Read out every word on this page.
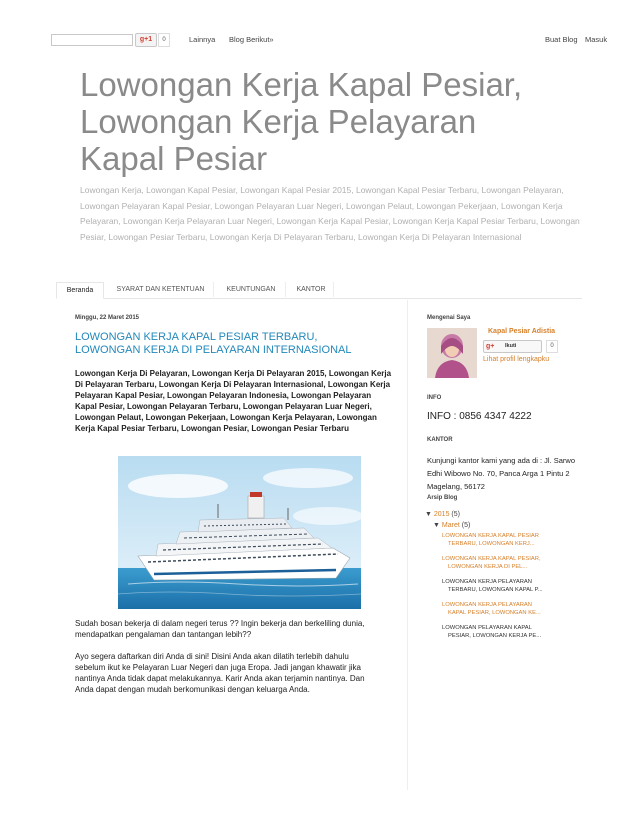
g+1	0	Lainnya Blog Berikut»	Buat Blog Masuk
Lowongan Kerja Kapal Pesiar, Lowongan Kerja Pelayaran Kapal Pesiar
Lowongan Kerja, Lowongan Kapal Pesiar, Lowongan Kapal Pesiar 2015, Lowongan Kapal Pesiar Terbaru, Lowongan Pelayaran, Lowongan Pelayaran Kapal Pesiar, Lowongan Pelayaran Luar Negeri, Lowongan Pelaut, Lowongan Pekerjaan, Lowongan Kerja Pelayaran, Lowongan Kerja Pelayaran Luar Negeri, Lowongan Kerja Kapal Pesiar, Lowongan Kerja Kapal Pesiar Terbaru, Lowongan Pesiar, Lowongan Pesiar Terbaru, Lowongan Kerja Di Pelayaran Terbaru, Lowongan Kerja Di Pelayaran Internasional
Beranda	SYARAT DAN KETENTUAN	KEUNTUNGAN	KANTOR
Minggu, 22 Maret 2015
LOWONGAN KERJA KAPAL PESIAR TERBARU, LOWONGAN KERJA DI PELAYARAN INTERNASIONAL
Lowongan Kerja Di Pelayaran, Lowongan Kerja Di Pelayaran 2015, Lowongan Kerja Di Pelayaran Terbaru, Lowongan Kerja Di Pelayaran Internasional, Lowongan Kerja Pelayaran Kapal Pesiar, Lowongan Pelayaran Indonesia, Lowongan Pelayaran Kapal Pesiar, Lowongan Pelayaran Terbaru, Lowongan Pelayaran Luar Negeri, Lowongan Pelaut, Lowongan Pekerjaan, Lowongan Kerja Pelayaran, Lowongan Kerja Kapal Pesiar Terbaru, Lowongan Pesiar, Lowongan Pesiar Terbaru

Sudah bosan bekerja di dalam negeri terus ?? Ingin bekerja dan berkeliling dunia, mendapatkan pengalaman dan tantangan lebih??

Ayo segera daftarkan diri Anda di sini! Disini Anda akan dilatih terlebih dahulu sebelum ikut ke Pelayaran Luar Negeri dan juga Eropa. Jadi jangan khawatir jika nantinya Anda tidak dapat melakukannya. Karir Anda akan terjamin nantinya. Dan Anda dapat dengan mudah berkomunikasi dengan keluarga Anda.

Mengenai Saya
Kapal Pesiar Adistia
g+ Ikuti	0
Lihat profil lengkapku
INFO
INFO : 0856 4347 4222
KANTOR
Kunjungi kantor kami yang ada di : Jl. Sarwo Edhi Wibowo No. 70, Panca Arga 1 Pintu 2 Magelang, 56172
Arsip Blog
▼ 2015 (5)
▼ Maret (5)
LOWONGAN KERJA KAPAL PESIAR
TERBARU, LOWONGAN KERJ...
LOWONGAN KERJA KAPAL PESIAR,
LOWONGAN KERJA DI PEL...
LOWONGAN KERJA PELAYARAN
TERBARU, LOWONGAN KAPAL P...
LOWONGAN KERJA PELAYARAN
KAPAL PESIAR, LOWONGAN KE...
LOWONGAN PELAYARAN KAPAL
PESIAR, LOWONGAN KERJA PE...
